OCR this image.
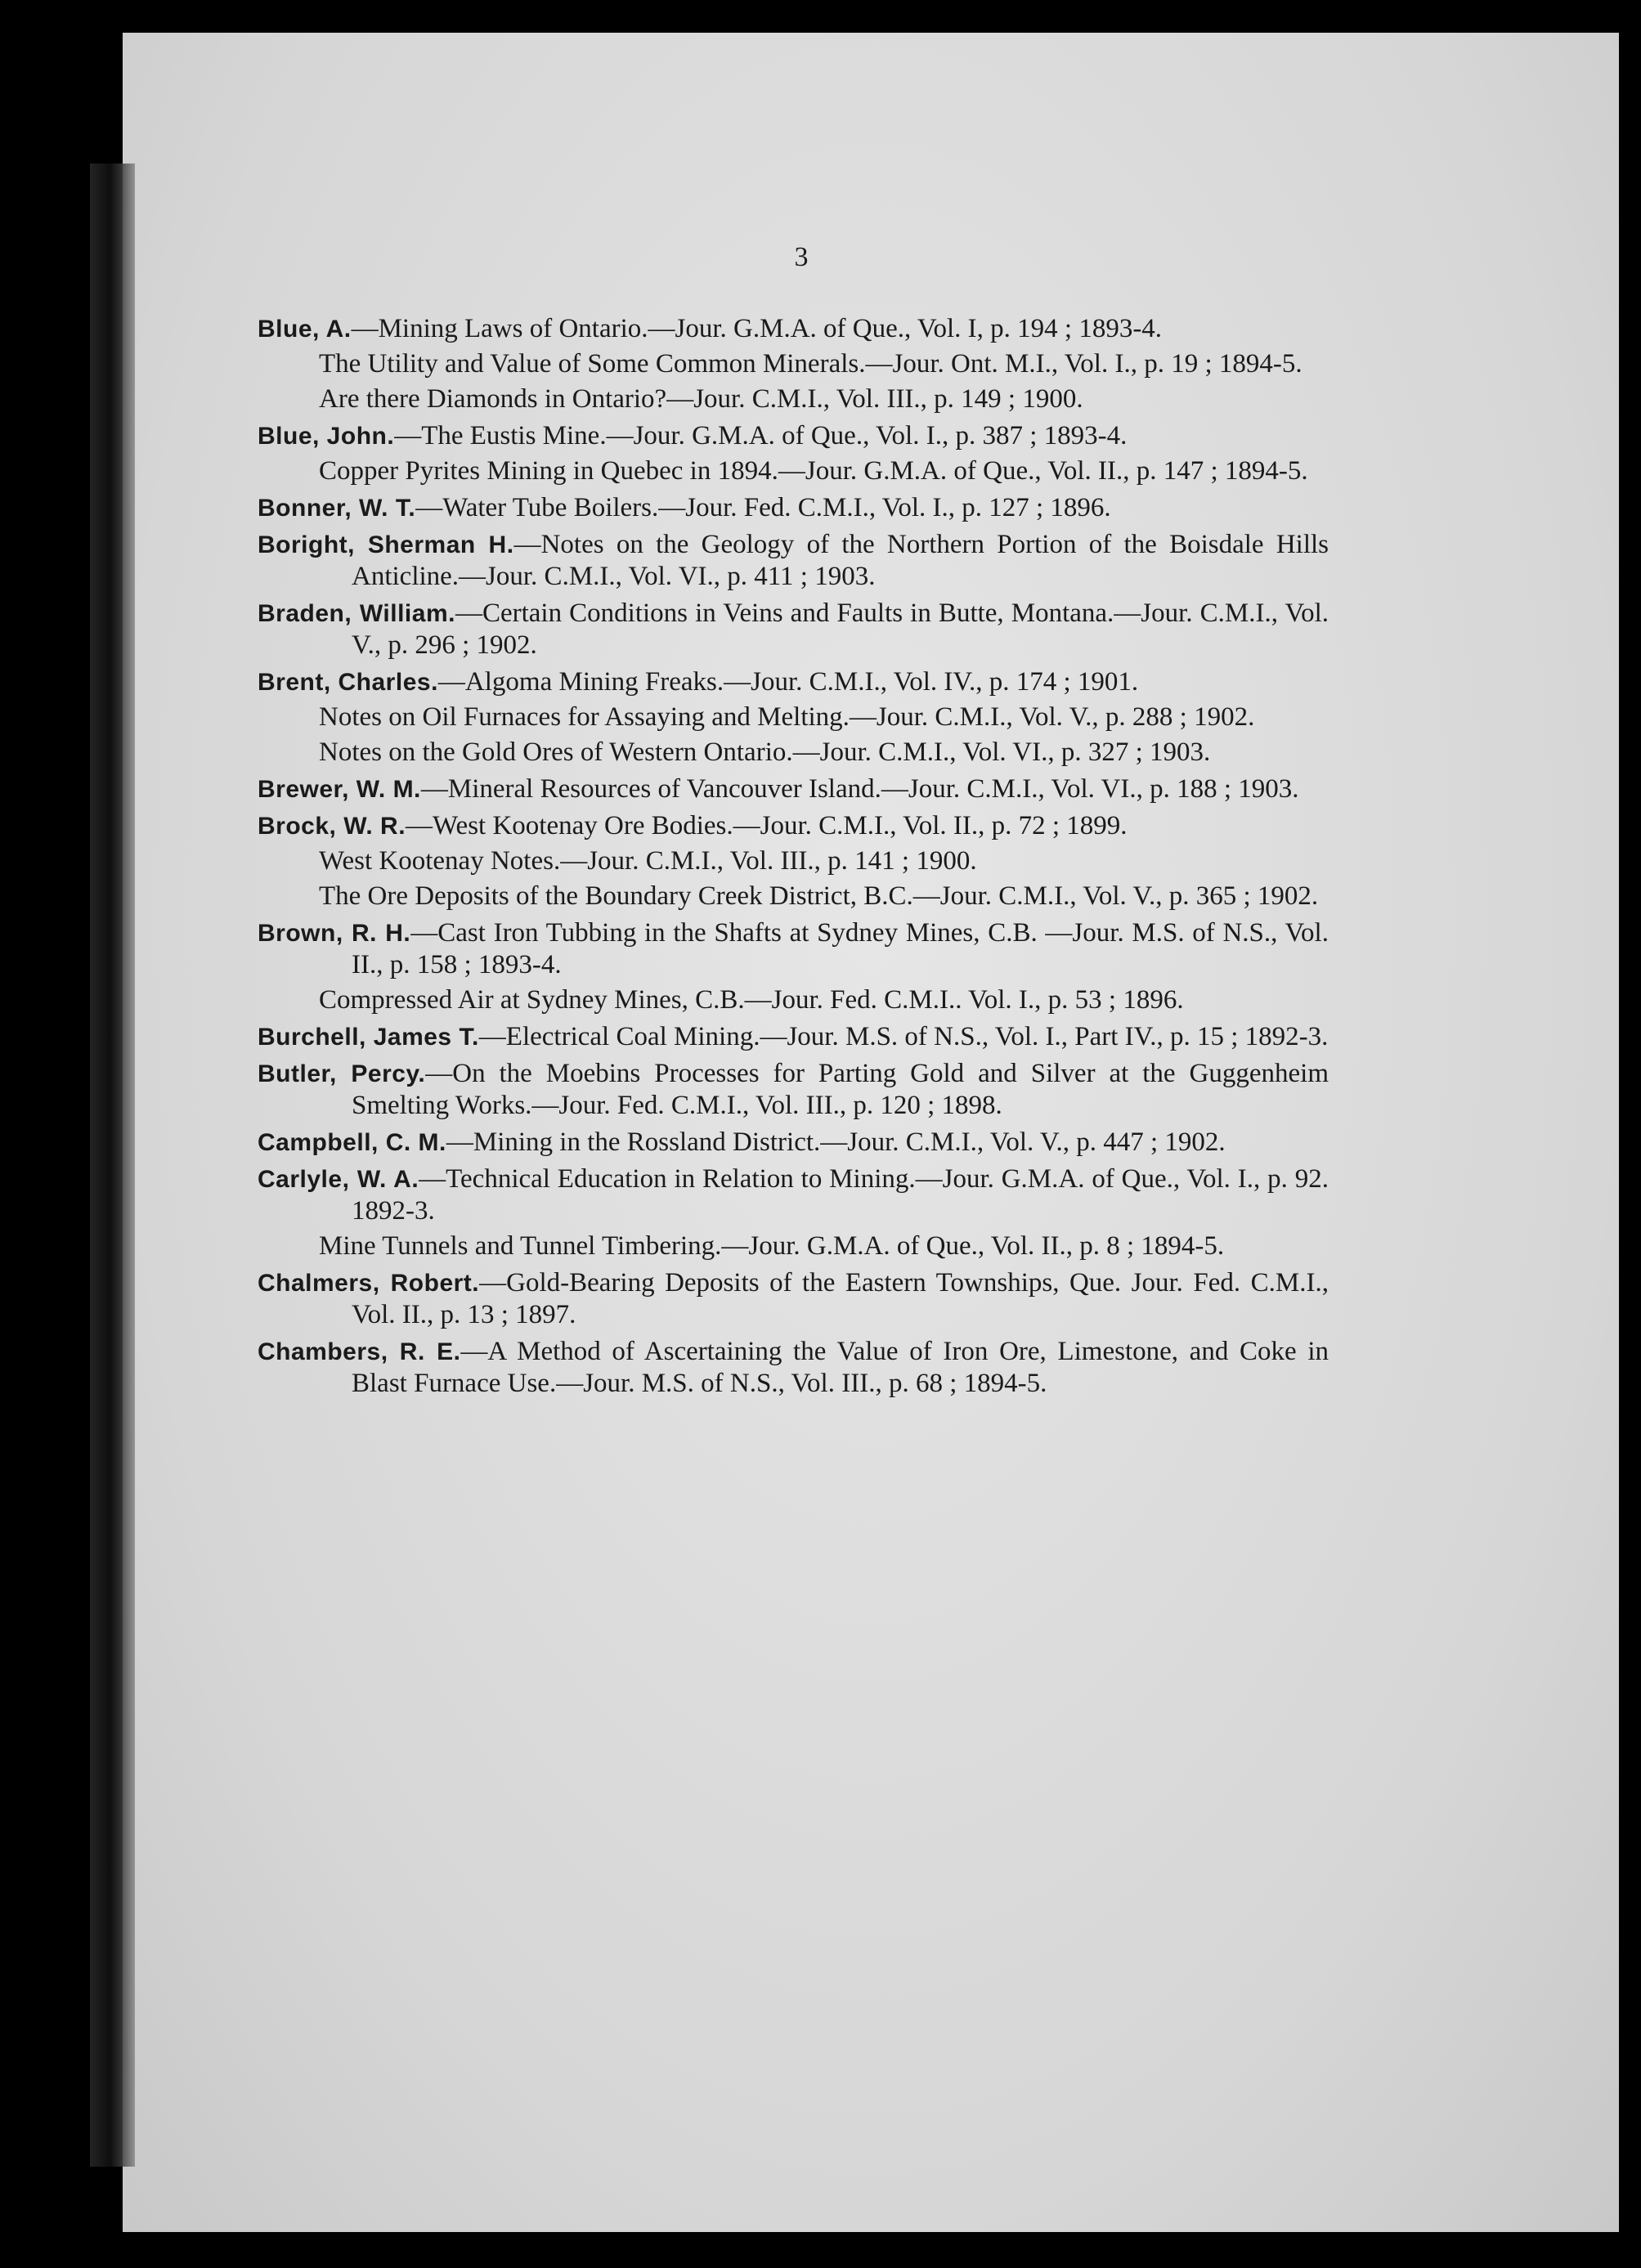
3

Blue, A.—Mining Laws of Ontario.—Jour. G.M.A. of Que., Vol. I, p. 194 ; 1893-4.

The Utility and Value of Some Common Minerals.—Jour. Ont. M.I., Vol. I., p. 19 ; 1894-5.

Are there Diamonds in Ontario?—Jour. C.M.I., Vol. III., p. 149 ; 1900.

Blue, John.—The Eustis Mine.—Jour. G.M.A. of Que., Vol. I., p. 387 ; 1893-4.

Copper Pyrites Mining in Quebec in 1894.—Jour. G.M.A. of Que., Vol. II., p. 147 ; 1894-5.

Bonner, W. T.—Water Tube Boilers.—Jour. Fed. C.M.I., Vol. I., p. 127 ; 1896.

Boright, Sherman H.—Notes on the Geology of the Northern Portion of the Boisdale Hills Anticline.—Jour. C.M.I., Vol. VI., p. 411 ; 1903.

Braden, William.—Certain Conditions in Veins and Faults in Butte, Montana.—Jour. C.M.I., Vol. V., p. 296 ; 1902.

Brent, Charles.—Algoma Mining Freaks.—Jour. C.M.I., Vol. IV., p. 174 ; 1901.

Notes on Oil Furnaces for Assaying and Melting.—Jour. C.M.I., Vol. V., p. 288 ; 1902.

Notes on the Gold Ores of Western Ontario.—Jour. C.M.I., Vol. VI., p. 327 ; 1903.

Brewer, W. M.—Mineral Resources of Vancouver Island.—Jour. C.M.I., Vol. VI., p. 188 ; 1903.

Brock, W. R.—West Kootenay Ore Bodies.—Jour. C.M.I., Vol. II., p. 72 ; 1899.

West Kootenay Notes.—Jour. C.M.I., Vol. III., p. 141 ; 1900.

The Ore Deposits of the Boundary Creek District, B.C.—Jour. C.M.I., Vol. V., p. 365 ; 1902.

Brown, R. H.—Cast Iron Tubbing in the Shafts at Sydney Mines, C.B. —Jour. M.S. of N.S., Vol. II., p. 158 ; 1893-4.

Compressed Air at Sydney Mines, C.B.—Jour. Fed. C.M.I.. Vol. I., p. 53 ; 1896.

Burchell, James T.—Electrical Coal Mining.—Jour. M.S. of N.S., Vol. I., Part IV., p. 15 ; 1892-3.

Butler, Percy.—On the Moebins Processes for Parting Gold and Silver at the Guggenheim Smelting Works.—Jour. Fed. C.M.I., Vol. III., p. 120 ; 1898.

Campbell, C. M.—Mining in the Rossland District.—Jour. C.M.I., Vol. V., p. 447 ; 1902.

Carlyle, W. A.—Technical Education in Relation to Mining.—Jour. G.M.A. of Que., Vol. I., p. 92. 1892-3.

Mine Tunnels and Tunnel Timbering.—Jour. G.M.A. of Que., Vol. II., p. 8 ; 1894-5.

Chalmers, Robert.—Gold-Bearing Deposits of the Eastern Townships, Que. Jour. Fed. C.M.I., Vol. II., p. 13 ; 1897.

Chambers, R. E.—A Method of Ascertaining the Value of Iron Ore, Limestone, and Coke in Blast Furnace Use.—Jour. M.S. of N.S., Vol. III., p. 68 ; 1894-5.
